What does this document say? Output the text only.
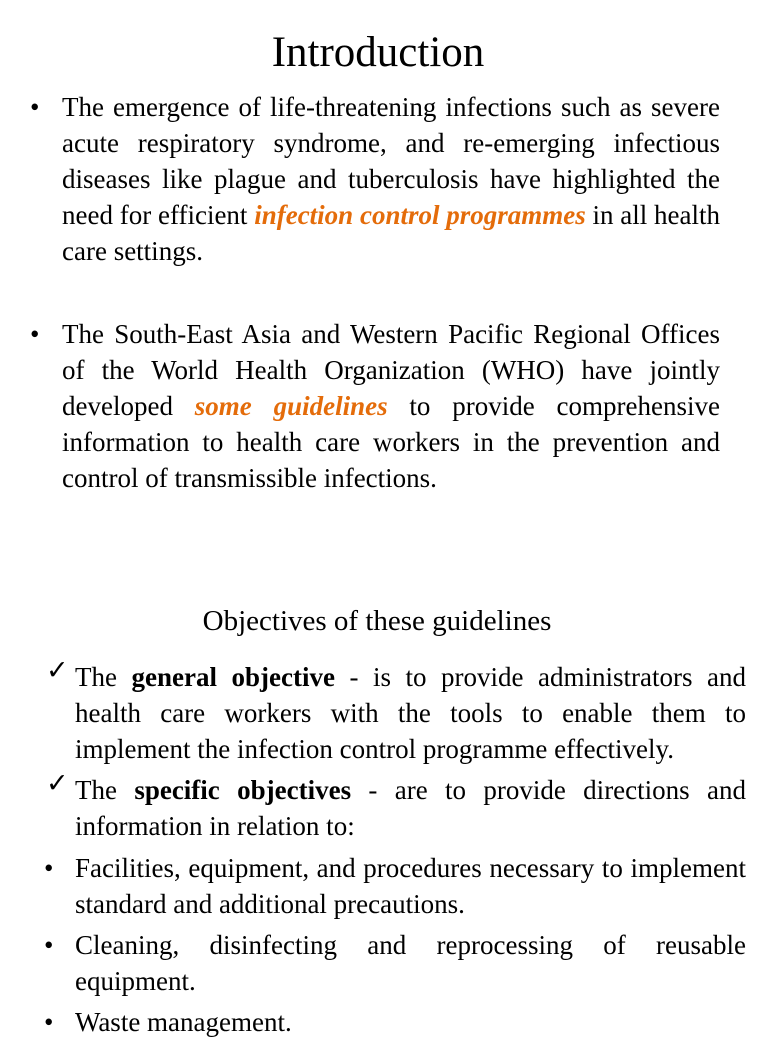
Introduction
• The emergence of life-threatening infections such as severe acute respiratory syndrome, and re-emerging infectious diseases like plague and tuberculosis have highlighted the need for efficient infection control programmes in all health care settings.
• The South-East Asia and Western Pacific Regional Offices of the World Health Organization (WHO) have jointly developed some guidelines to provide comprehensive information to health care workers in the prevention and control of transmissible infections.
Objectives of these guidelines
✓ The general objective - is to provide administrators and health care workers with the tools to enable them to implement the infection control programme effectively.
✓ The specific objectives - are to provide directions and information in relation to:
• Facilities, equipment, and procedures necessary to implement standard and additional precautions.
• Cleaning, disinfecting and reprocessing of reusable equipment.
• Waste management.
